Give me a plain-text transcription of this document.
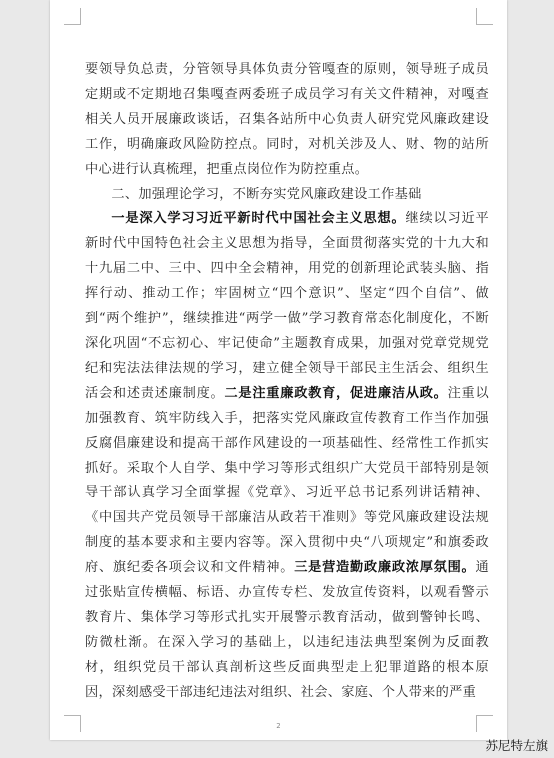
要领导负总责，分管领导具体负责分管嘎查的原则，领导班子成员定期或不定期地召集嘎查两委班子成员学习有关文件精神，对嘎查相关人员开展廉政谈话，召集各站所中心负责人研究党风廉政建设工作，明确廉政风险防控点。同时，对机关涉及人、财、物的站所中心进行认真梳理，把重点岗位作为防控重点。

二、加强理论学习，不断夯实党风廉政建设工作基础

一是深入学习习近平新时代中国社会主义思想。继续以习近平新时代中国特色社会主义思想为指导，全面贯彻落实党的十九大和十九届二中、三中、四中全会精神，用党的创新理论武装头脑、指挥行动、推动工作；牢固树立“四个意识”、坚定“四个自信”、做到“两个维护”，继续推进“两学一做”学习教育常态化制度化，不断深化巩固“不忘初心、牢记使命”主题教育成果，加强对党章党规党纪和宪法法律法规的学习，建立健全领导干部民主生活会、组织生活会和述责述廉制度。二是注重廉政教育，促进廉洁从政。注重以加强教育、筑牢防线入手，把落实党风廉政宣传教育工作当作加强反腐倡廉建设和提高干部作风建设的一项基础性、经常性工作抓实抓好。采取个人自学、集中学习等形式组织广大党员干部特别是领导干部认真学习全面掌握《党章》、习近平总书记系列讲话精神、《中国共产党员领导干部廉洁从政若干准则》等党风廉政建设法规制度的基本要求和主要内容等。深入贯彻中央“八项规定”和旗委政府、旗纪委各项会议和文件精神。三是营造勤政廉政浓厚氛围。通过张贴宣传横幅、标语、办宣传专栏、发放宣传资料，以观看警示教育片、集体学习等形式扎实开展警示教育活动，做到警钟长鸣、防微杜渐。在深入学习的基础上，以违纪违法典型案例为反面教材，组织党员干部认真剖析这些反面典型走上犯罪道路的根本原因，深刻感受干部违纪违法对组织、社会、家庭、个人带来的严重

2
苏尼特左旗
